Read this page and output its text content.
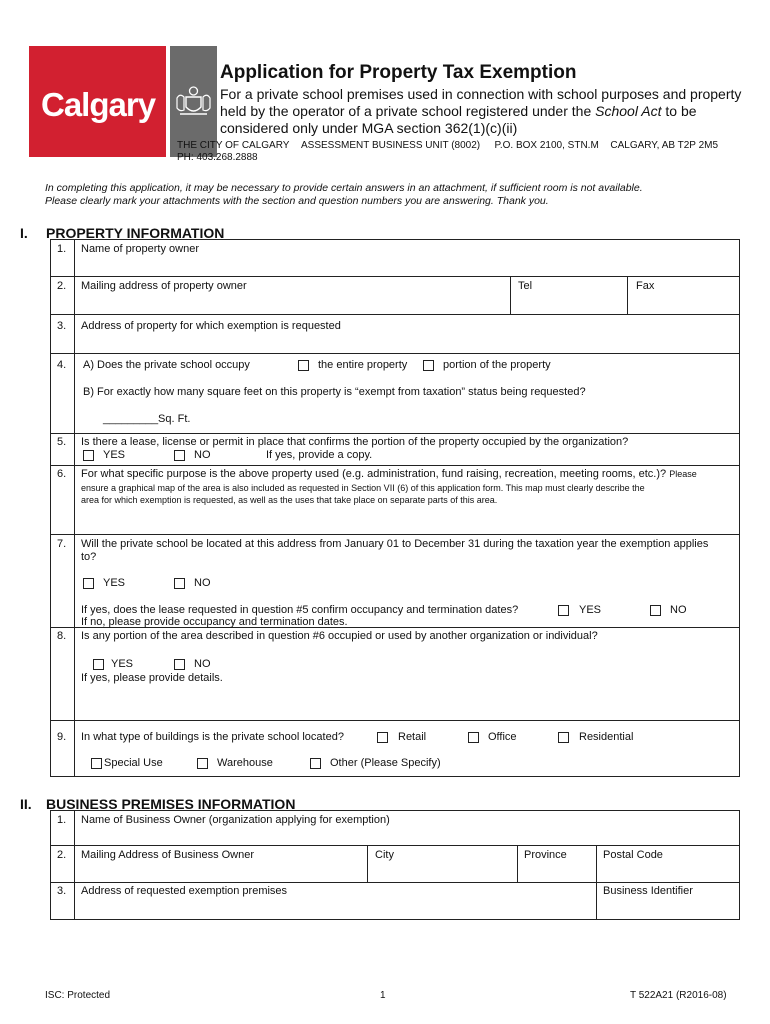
Calgary
Application for Property Tax Exemption
For a private school premises used in connection with school purposes and property held by the operator of a private school registered under the School Act to be considered only under MGA section 362(1)(c)(ii)
THE CITY OF CALGARY ASSESSMENT BUSINESS UNIT (8002) P.O. BOX 2100, STN.M CALGARY, AB T2P 2M5
PH: 403.268.2888
In completing this application, it may be necessary to provide certain answers in an attachment, if sufficient room is not available.
Please clearly mark your attachments with the section and question numbers you are answering. Thank you.
I. PROPERTY INFORMATION
1. Name of property owner
2. Mailing address of property owner	Tel	Fax
3. Address of property for which exemption is requested
4. A) Does the private school occupy	the entire property	portion of the property
B) For exactly how many square feet on this property is “exempt from taxation” status being requested?
_________Sq. Ft.
5. Is there a lease, license or permit in place that confirms the portion of the property occupied by the organization?
YES	NO	If yes, provide a copy.
6. For what specific purpose is the above property used (e.g. administration, fund raising, recreation, meeting rooms, etc.)? Please
ensure a graphical map of the area is also included as requested in Section VII (6) of this application form. This map must clearly describe the
area for which exemption is requested, as well as the uses that take place on separate parts of this area.
7. Will the private school be located at this address from January 01 to December 31 during the taxation year the exemption applies
to?
YES	NO
If yes, does the lease requested in question #5 confirm occupancy and termination dates?	YES	NO
If no, please provide occupancy and termination dates.
8. Is any portion of the area described in question #6 occupied or used by another organization or individual?
YES	NO
If yes, please provide details.
9. In what type of buildings is the private school located?	Retail	Office	Residential
Special Use	Warehouse	Other (Please Specify)
II. BUSINESS PREMISES INFORMATION
1. Name of Business Owner (organization applying for exemption)
2. Mailing Address of Business Owner	City	Province	Postal Code
3. Address of requested exemption premises	Business Identifier
ISC: Protected	1	T 522A21 (R2016-08)
